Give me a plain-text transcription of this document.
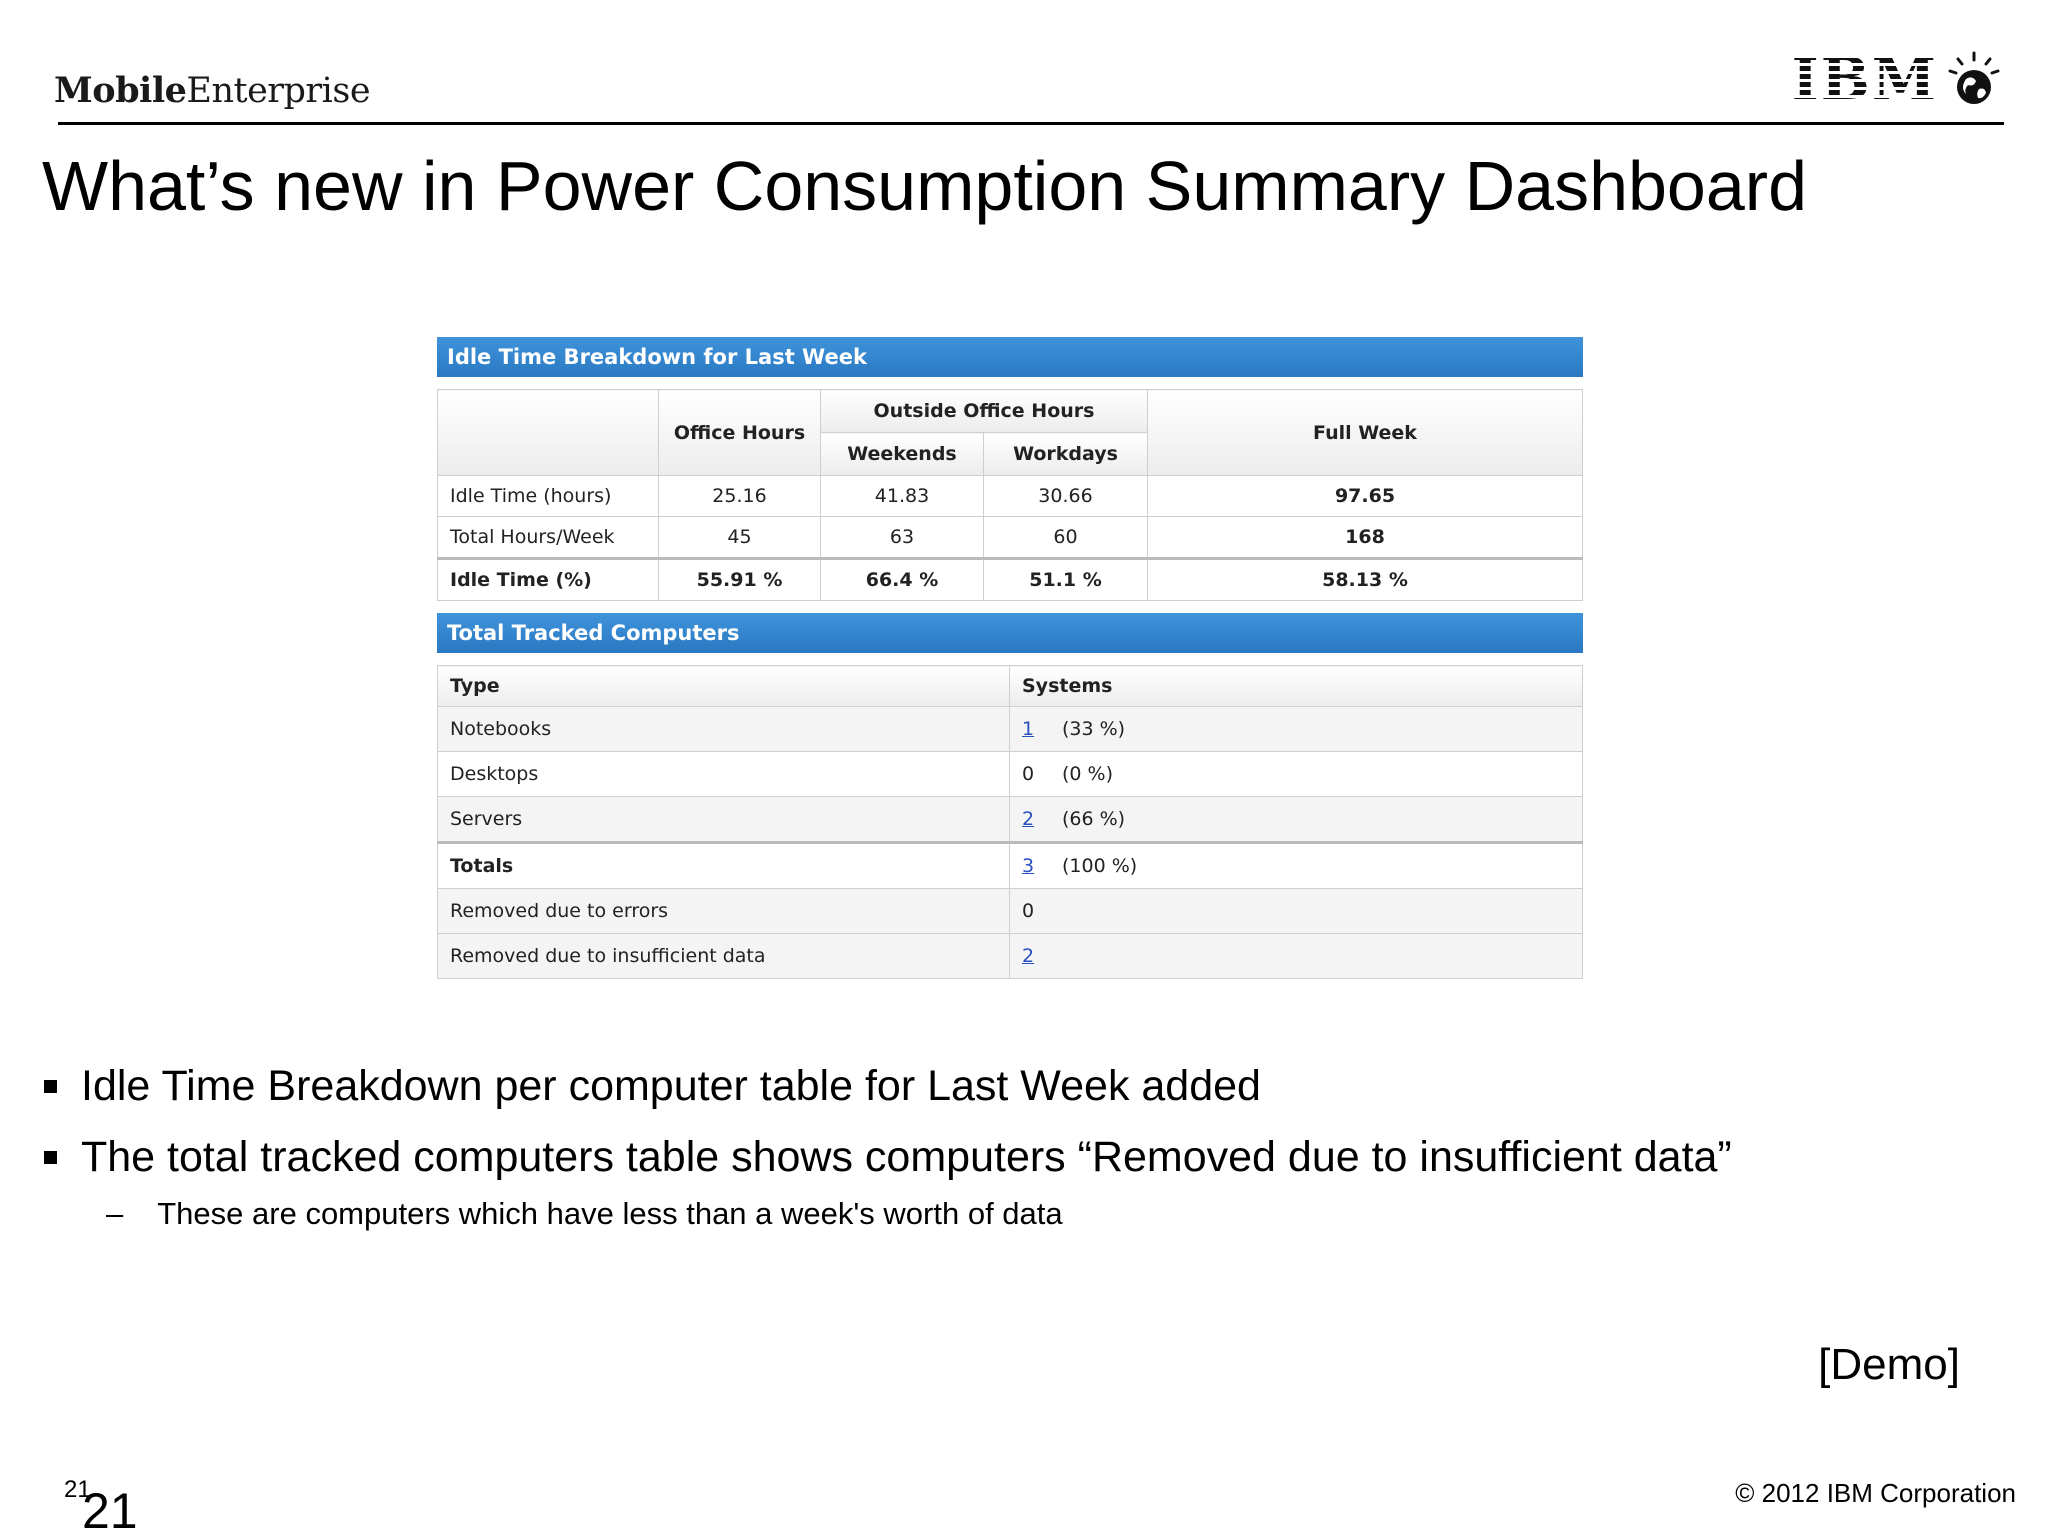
MobileEnterprise	IBM
What’s new in Power Consumption Summary Dashboard
Idle Time Breakdown for Last Week
	Office Hours	Outside Office Hours		Full Week
		Weekends	Workdays	
Idle Time (hours)	25.16	41.83	30.66	97.65
Total Hours/Week	45	63	60	168
Idle Time (%)	55.91 %	66.4 %	51.1 %	58.13 %
Total Tracked Computers
Type	Systems
Notebooks	1 (33 %)
Desktops	0 (0 %)
Servers	2 (66 %)
Totals	3 (100 %)
Removed due to errors	0
Removed due to insufficient data	2
Idle Time Breakdown per computer table for Last Week added
The total tracked computers table shows computers “Removed due to insufficient data”
– These are computers which have less than a week's worth of data
[Demo]
21
21	© 2012 IBM Corporation
